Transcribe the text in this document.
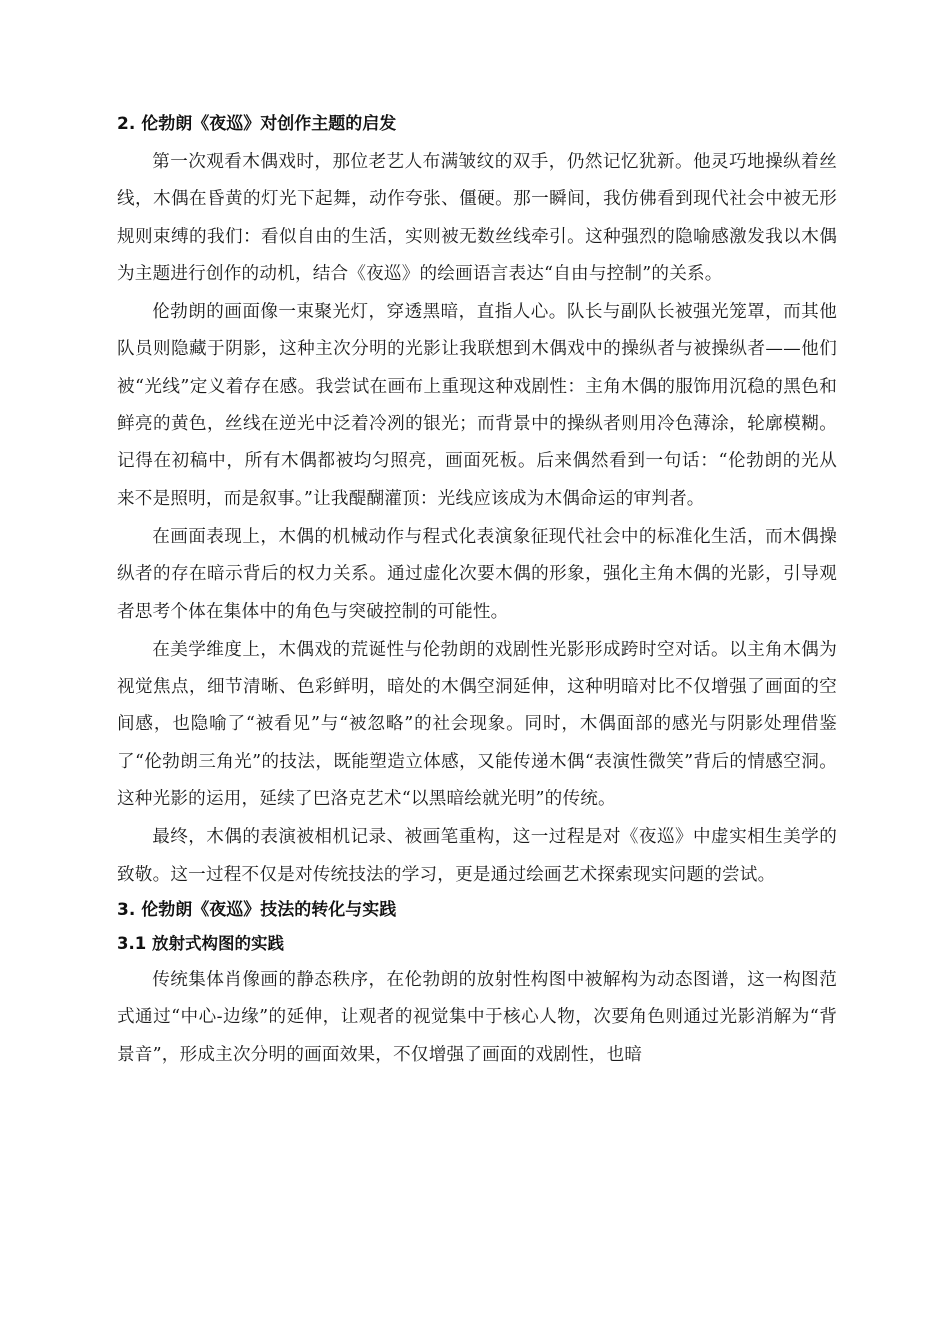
2. 伦勃朗《夜巡》对创作主题的启发

第一次观看木偶戏时，那位老艺人布满皱纹的双手，仍然记忆犹新。他灵巧地操纵着丝线，木偶在昏黄的灯光下起舞，动作夸张、僵硬。那一瞬间，我仿佛看到现代社会中被无形规则束缚的我们：看似自由的生活，实则被无数丝线牵引。这种强烈的隐喻感激发我以木偶为主题进行创作的动机，结合《夜巡》的绘画语言表达“自由与控制”的关系。

伦勃朗的画面像一束聚光灯，穿透黑暗，直指人心。队长与副队长被强光笼罩，而其他队员则隐藏于阴影，这种主次分明的光影让我联想到木偶戏中的操纵者与被操纵者——他们被“光线”定义着存在感。我尝试在画布上重现这种戏剧性：主角木偶的服饰用沉稳的黑色和鲜亮的黄色，丝线在逆光中泛着冷冽的银光；而背景中的操纵者则用冷色薄涂，轮廓模糊。记得在初稿中，所有木偶都被均匀照亮，画面死板。后来偶然看到一句话：“伦勃朗的光从来不是照明，而是叙事。”让我醍醐灌顶：光线应该成为木偶命运的审判者。

在画面表现上，木偶的机械动作与程式化表演象征现代社会中的标准化生活，而木偶操纵者的存在暗示背后的权力关系。通过虚化次要木偶的形象，强化主角木偶的光影，引导观者思考个体在集体中的角色与突破控制的可能性。

在美学维度上，木偶戏的荒诞性与伦勃朗的戏剧性光影形成跨时空对话。以主角木偶为视觉焦点，细节清晰、色彩鲜明，暗处的木偶空洞延伸，这种明暗对比不仅增强了画面的空间感，也隐喻了“被看见”与“被忽略”的社会现象。同时，木偶面部的感光与阴影处理借鉴了“伦勃朗三角光”的技法，既能塑造立体感，又能传递木偶“表演性微笑”背后的情感空洞。这种光影的运用，延续了巴洛克艺术“以黑暗绘就光明”的传统。

最终，木偶的表演被相机记录、被画笔重构，这一过程是对《夜巡》中虚实相生美学的致敬。这一过程不仅是对传统技法的学习，更是通过绘画艺术探索现实问题的尝试。

3. 伦勃朗《夜巡》技法的转化与实践
3.1 放射式构图的实践

传统集体肖像画的静态秩序，在伦勃朗的放射性构图中被解构为动态图谱，这一构图范式通过“中心-边缘”的延伸，让观者的视觉集中于核心人物，次要角色则通过光影消解为“背景音”，形成主次分明的画面效果，不仅增强了画面的戏剧性，也暗
